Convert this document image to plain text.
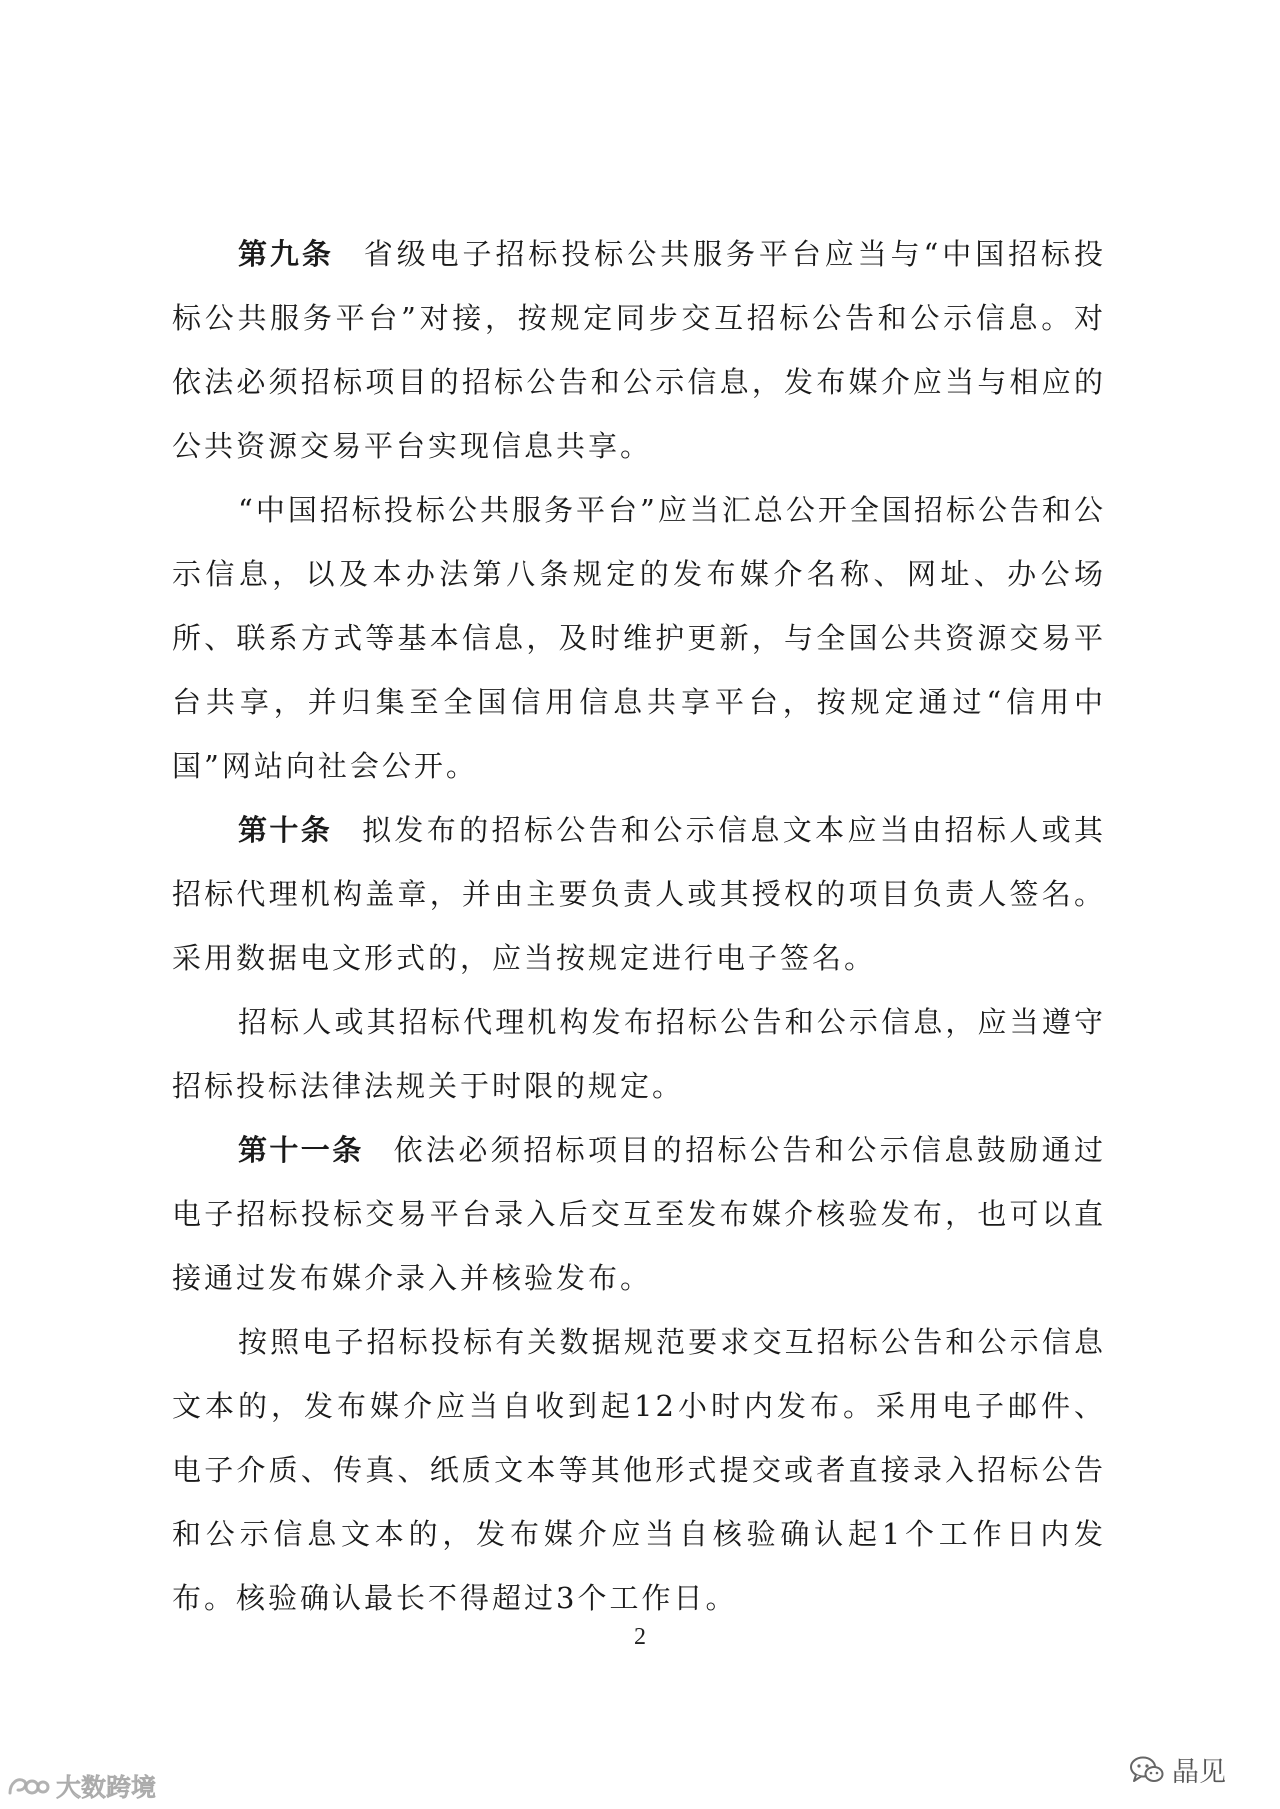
第九条 省级电子招标投标公共服务平台应当与“中国招标投标公共服务平台”对接，按规定同步交互招标公告和公示信息。对依法必须招标项目的招标公告和公示信息，发布媒介应当与相应的公共资源交易平台实现信息共享。

“中国招标投标公共服务平台”应当汇总公开全国招标公告和公示信息，以及本办法第八条规定的发布媒介名称、网址、办公场所、联系方式等基本信息，及时维护更新，与全国公共资源交易平台共享，并归集至全国信用信息共享平台，按规定通过“信用中国”网站向社会公开。

第十条 拟发布的招标公告和公示信息文本应当由招标人或其招标代理机构盖章，并由主要负责人或其授权的项目负责人签名。采用数据电文形式的，应当按规定进行电子签名。

招标人或其招标代理机构发布招标公告和公示信息，应当遵守招标投标法律法规关于时限的规定。

第十一条 依法必须招标项目的招标公告和公示信息鼓励通过电子招标投标交易平台录入后交互至发布媒介核验发布，也可以直接通过发布媒介录入并核验发布。

按照电子招标投标有关数据规范要求交互招标公告和公示信息文本的，发布媒介应当自收到起12小时内发布。采用电子邮件、电子介质、传真、纸质文本等其他形式提交或者直接录入招标公告和公示信息文本的，发布媒介应当自核验确认起1个工作日内发布。核验确认最长不得超过3个工作日。

2
晶见
大数跨境
